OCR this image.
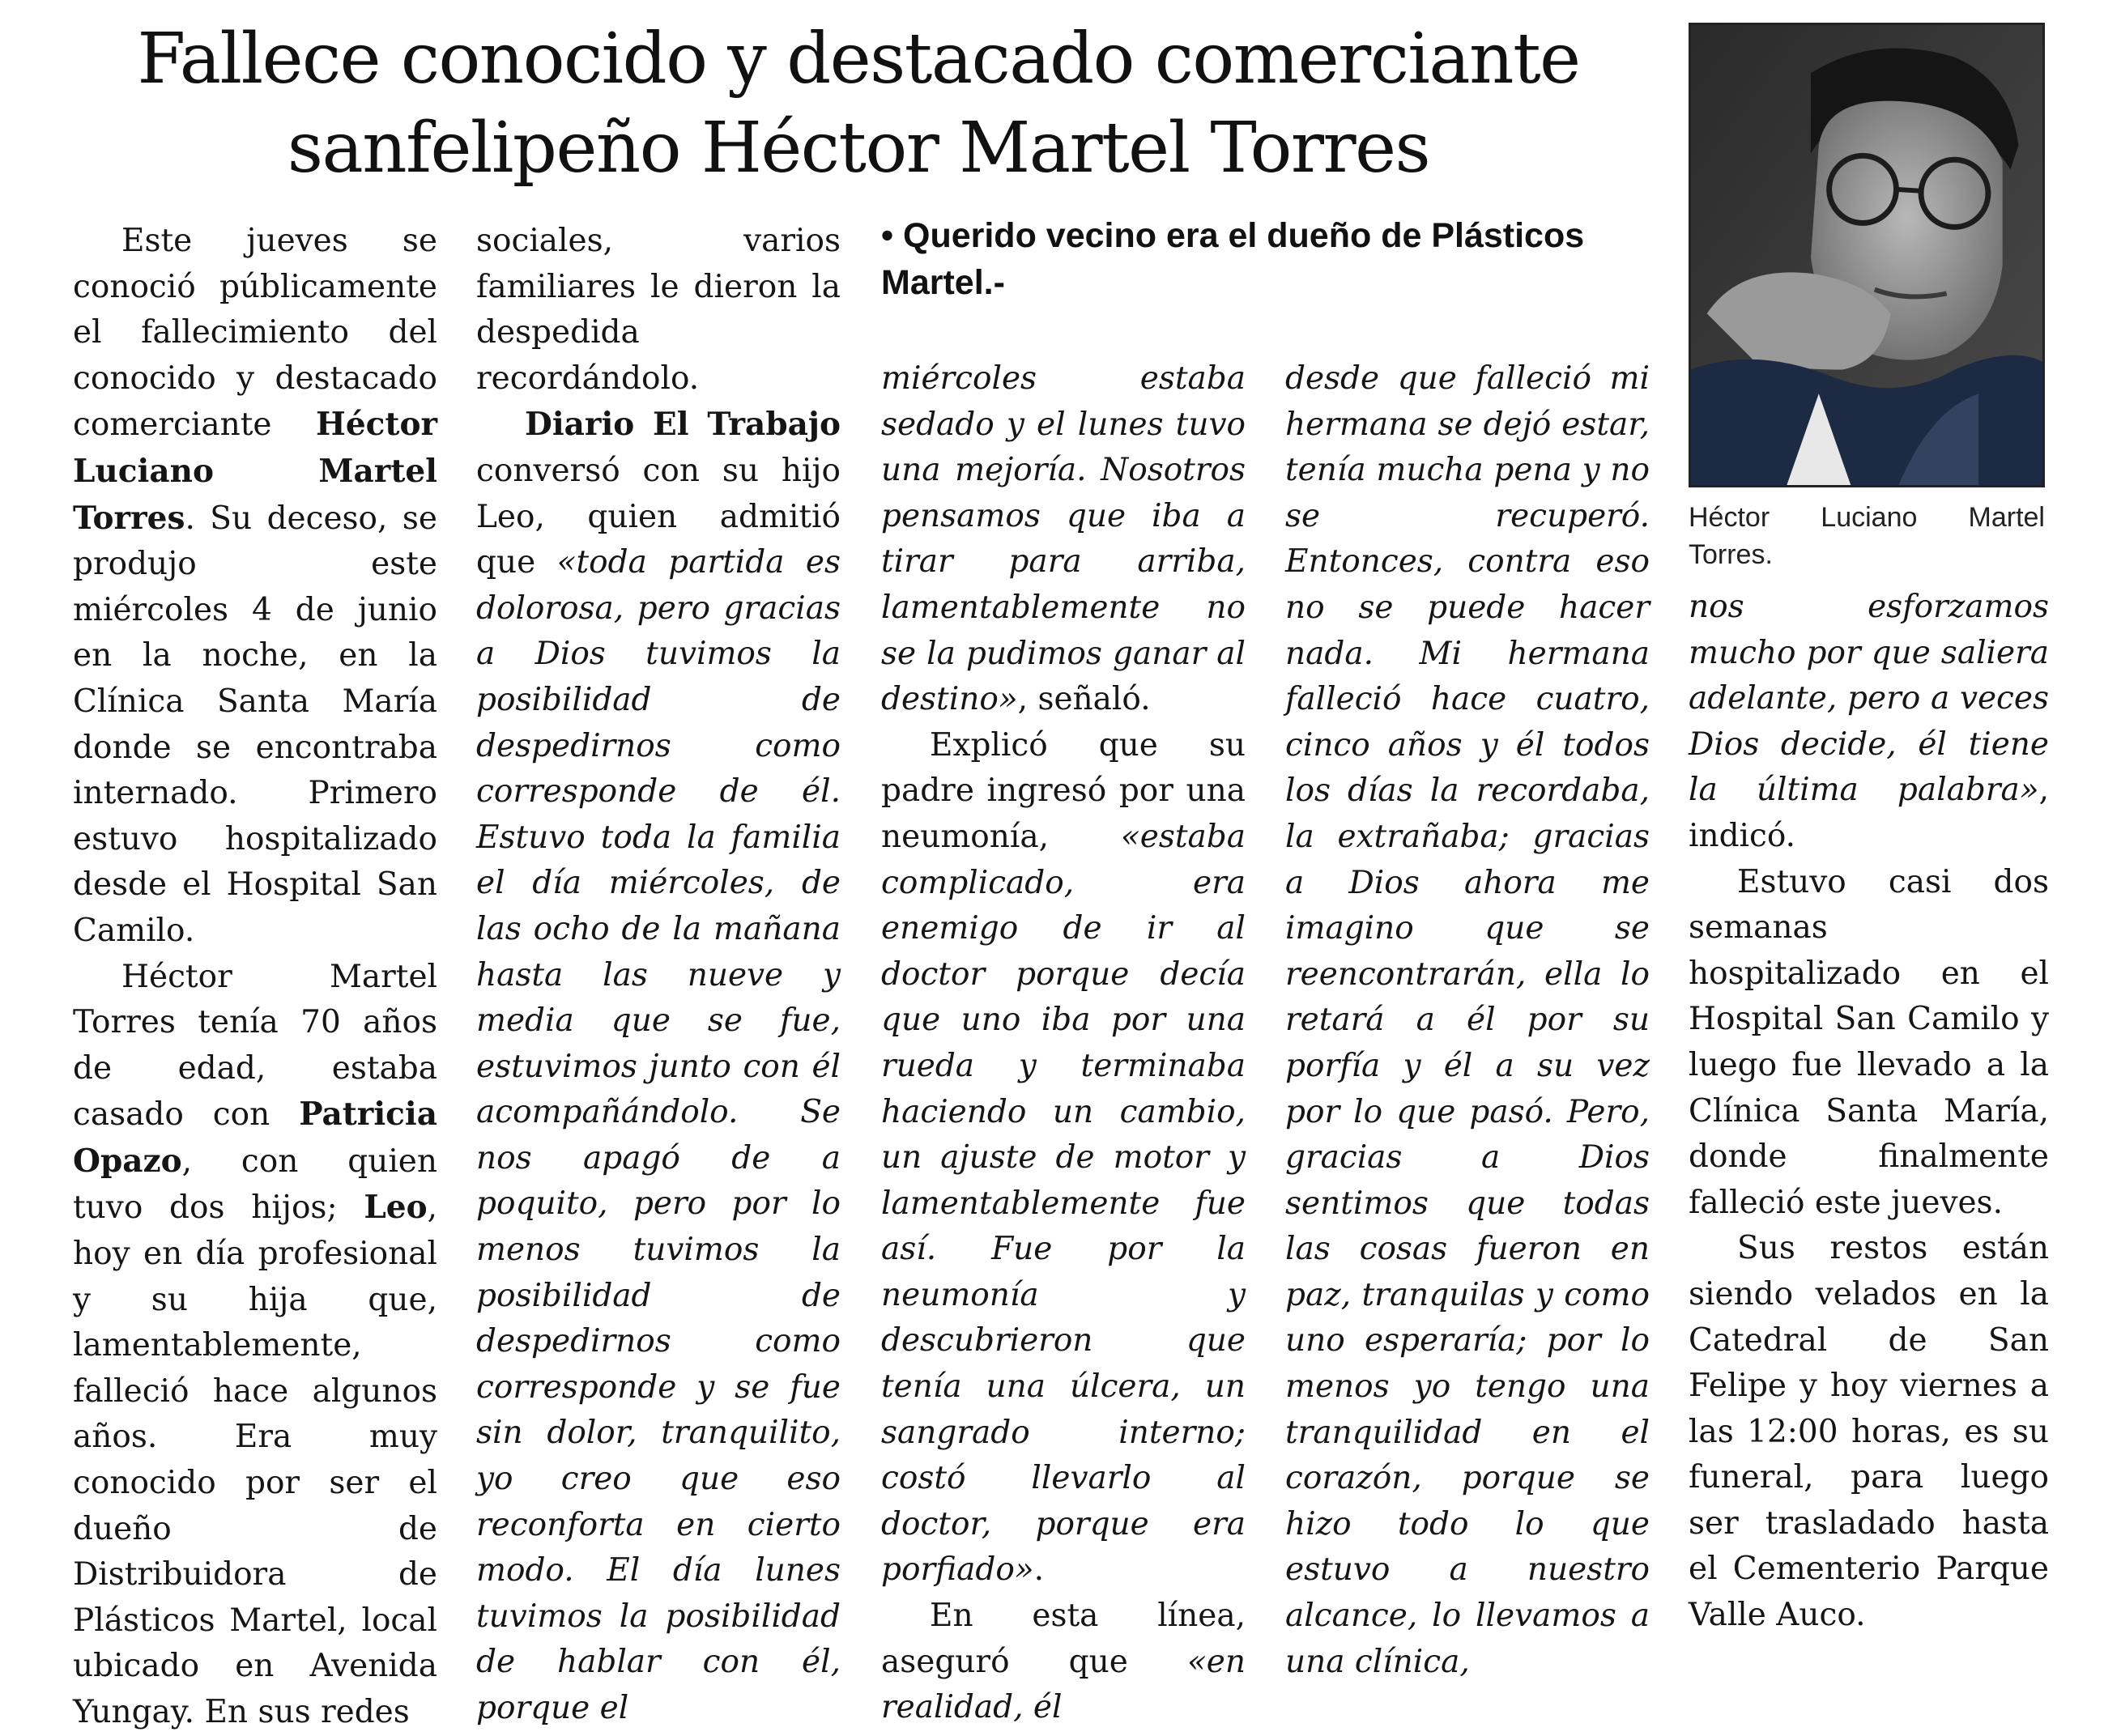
Fallece conocido y destacado comerciante
sanfelipeño Héctor Martel Torres

Este jueves se conoció públicamente el fallecimiento del conocido y destacado comerciante Héctor Luciano Martel Torres. Su deceso, se produjo este miércoles 4 de junio en la noche, en la Clínica Santa María donde se encontraba internado. Primero estuvo hospitalizado desde el Hospital San Camilo.

Héctor Martel Torres tenía 70 años de edad, estaba casado con Patricia Opazo, con quien tuvo dos hijos; Leo, hoy en día profesional y su hija que, lamentablemente, falleció hace algunos años. Era muy conocido por ser el dueño de Distribuidora de Plásticos Martel, local ubicado en Avenida Yungay. En sus redes

sociales, varios familiares le dieron la despedida recordándolo.

Diario El Trabajo conversó con su hijo Leo, quien admitió que «toda partida es dolorosa, pero gracias a Dios tuvimos la posibilidad de despedirnos como corresponde de él. Estuvo toda la familia el día miércoles, de las ocho de la mañana hasta las nueve y media que se fue, estuvimos junto con él acompañándolo. Se nos apagó de a poquito, pero por lo menos tuvimos la posibilidad de despedirnos como corresponde y se fue sin dolor, tranquilito, yo creo que eso reconforta en cierto modo. El día lunes tuvimos la posibilidad de hablar con él, porque el

• Querido vecino era el dueño de Plásticos Martel.-

miércoles estaba sedado y el lunes tuvo una mejoría. Nosotros pensamos que iba a tirar para arriba, lamentablemente no se la pudimos ganar al destino», señaló.

Explicó que su padre ingresó por una neumonía, «estaba complicado, era enemigo de ir al doctor porque decía que uno iba por una rueda y terminaba haciendo un cambio, un ajuste de motor y lamentablemente fue así. Fue por la neumonía y descubrieron que tenía una úlcera, un sangrado interno; costó llevarlo al doctor, porque era porfiado».

En esta línea, aseguró que «en realidad, él

desde que falleció mi hermana se dejó estar, tenía mucha pena y no se recuperó. Entonces, contra eso no se puede hacer nada. Mi hermana falleció hace cuatro, cinco años y él todos los días la recordaba, la extrañaba; gracias a Dios ahora me imagino que se reencontrarán, ella lo retará a él por su porfía y él a su vez por lo que pasó. Pero, gracias a Dios sentimos que todas las cosas fueron en paz, tranquilas y como uno esperaría; por lo menos yo tengo una tranquilidad en el corazón, porque se hizo todo lo que estuvo a nuestro alcance, lo llevamos a una clínica,

Héctor Luciano Martel Torres.

nos esforzamos mucho por que saliera adelante, pero a veces Dios decide, él tiene la última palabra», indicó.

Estuvo casi dos semanas hospitalizado en el Hospital San Camilo y luego fue llevado a la Clínica Santa María, donde finalmente falleció este jueves.

Sus restos están siendo velados en la Catedral de San Felipe y hoy viernes a las 12:00 horas, es su funeral, para luego ser trasladado hasta el Cementerio Parque Valle Auco.
